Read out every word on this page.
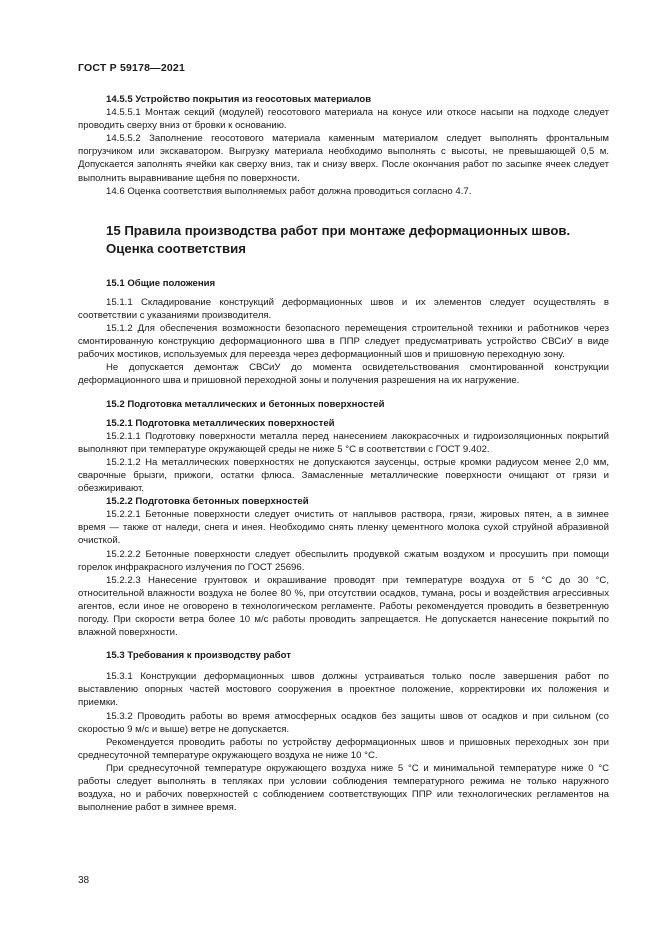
ГОСТ Р 59178—2021

14.5.5 Устройство покрытия из геосотовых материалов

14.5.5.1 Монтаж секций (модулей) геосотового материала на конусе или откосе насыпи на подходе следует проводить сверху вниз от бровки к основанию.

14.5.5.2 Заполнение геосотового материала каменным материалом следует выполнять фронтальным погрузчиком или экскаватором. Выгрузку материала необходимо выполнять с высоты, не превышающей 0,5 м. Допускается заполнять ячейки как сверху вниз, так и снизу вверх. После окончания работ по засыпке ячеек следует выполнить выравнивание щебня по поверхности.

14.6 Оценка соответствия выполняемых работ должна проводиться согласно 4.7.

15 Правила производства работ при монтаже деформационных швов.
Оценка соответствия

15.1 Общие положения

15.1.1 Складирование конструкций деформационных швов и их элементов следует осуществлять в соответствии с указаниями производителя.

15.1.2 Для обеспечения возможности безопасного перемещения строительной техники и работников через смонтированную конструкцию деформационного шва в ППР следует предусматривать устройство СВСиУ в виде рабочих мостиков, используемых для переезда через деформационный шов и пришовную переходную зону.

Не допускается демонтаж СВСиУ до момента освидетельствования смонтированной конструкции деформационного шва и пришовной переходной зоны и получения разрешения на их нагружение.

15.2 Подготовка металлических и бетонных поверхностей

15.2.1 Подготовка металлических поверхностей

15.2.1.1 Подготовку поверхности металла перед нанесением лакокрасочных и гидроизоляционных покрытий выполняют при температуре окружающей среды не ниже 5 °С в соответствии с ГОСТ 9.402.

15.2.1.2 На металлических поверхностях не допускаются заусенцы, острые кромки радиусом менее 2,0 мм, сварочные брызги, прижоги, остатки флюса. Замасленные металлические поверхности очищают от грязи и обезжиривают.

15.2.2 Подготовка бетонных поверхностей

15.2.2.1 Бетонные поверхности следует очистить от наплывов раствора, грязи, жировых пятен, а в зимнее время — также от наледи, снега и инея. Необходимо снять пленку цементного молока сухой струйной абразивной очисткой.

15.2.2.2 Бетонные поверхности следует обеспылить продувкой сжатым воздухом и просушить при помощи горелок инфракрасного излучения по ГОСТ 25696.

15.2.2.3 Нанесение грунтовок и окрашивание проводят при температуре воздуха от 5 °С до 30 °С, относительной влажности воздуха не более 80 %, при отсутствии осадков, тумана, росы и воздействия агрессивных агентов, если иное не оговорено в технологическом регламенте. Работы рекомендуется проводить в безветренную погоду. При скорости ветра более 10 м/с работы проводить запрещается. Не допускается нанесение покрытий по влажной поверхности.

15.3 Требования к производству работ

15.3.1 Конструкции деформационных швов должны устраиваться только после завершения работ по выставлению опорных частей мостового сооружения в проектное положение, корректировки их положения и приемки.

15.3.2 Проводить работы во время атмосферных осадков без защиты швов от осадков и при сильном (со скоростью 9 м/с и выше) ветре не допускается.

Рекомендуется проводить работы по устройству деформационных швов и пришовных переходных зон при среднесуточной температуре окружающего воздуха не ниже 10 °С.

При среднесуточной температуре окружающего воздуха ниже 5 °С и минимальной температуре ниже 0 °С работы следует выполнять в тепляках при условии соблюдения температурного режима не только наружного воздуха, но и рабочих поверхностей с соблюдением соответствующих ППР или технологических регламентов на выполнение работ в зимнее время.

38
